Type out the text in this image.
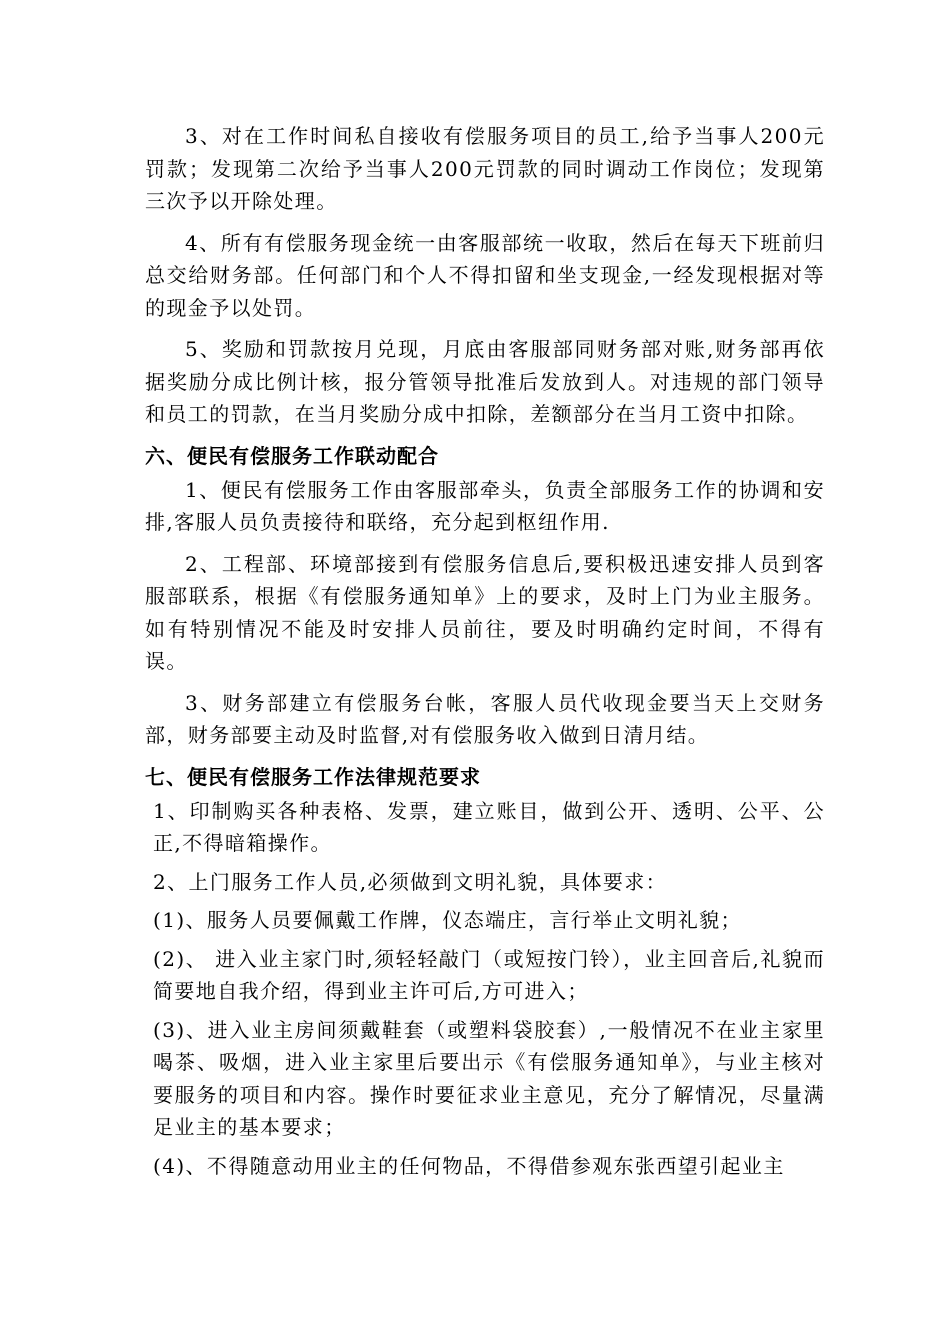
3、对在工作时间私自接收有偿服务项目的员工,给予当事人200元罚款；发现第二次给予当事人200元罚款的同时调动工作岗位；发现第三次予以开除处理。

4、所有有偿服务现金统一由客服部统一收取，然后在每天下班前归总交给财务部。任何部门和个人不得扣留和坐支现金,一经发现根据对等的现金予以处罚。

5、奖励和罚款按月兑现，月底由客服部同财务部对账,财务部再依据奖励分成比例计核，报分管领导批准后发放到人。对违规的部门领导和员工的罚款，在当月奖励分成中扣除，差额部分在当月工资中扣除。

六、便民有偿服务工作联动配合

1、便民有偿服务工作由客服部牵头，负责全部服务工作的协调和安排,客服人员负责接待和联络，充分起到枢纽作用.

2、工程部、环境部接到有偿服务信息后,要积极迅速安排人员到客服部联系，根据《有偿服务通知单》上的要求，及时上门为业主服务。如有特别情况不能及时安排人员前往，要及时明确约定时间，不得有误。

3、财务部建立有偿服务台帐，客服人员代收现金要当天上交财务部，财务部要主动及时监督,对有偿服务收入做到日清月结。

七、便民有偿服务工作法律规范要求

1、印制购买各种表格、发票，建立账目，做到公开、透明、公平、公正,不得暗箱操作。

2、上门服务工作人员,必须做到文明礼貌，具体要求：

(1)、服务人员要佩戴工作牌，仪态端庄，言行举止文明礼貌；

(2)、 进入业主家门时,须轻轻敲门（或短按门铃），业主回音后,礼貌而简要地自我介绍，得到业主许可后,方可进入；

(3)、进入业主房间须戴鞋套（或塑料袋胶套）,一般情况不在业主家里喝茶、吸烟，进入业主家里后要出示《有偿服务通知单》，与业主核对要服务的项目和内容。操作时要征求业主意见，充分了解情况，尽量满足业主的基本要求；

(4)、不得随意动用业主的任何物品，不得借参观东张西望引起业主
